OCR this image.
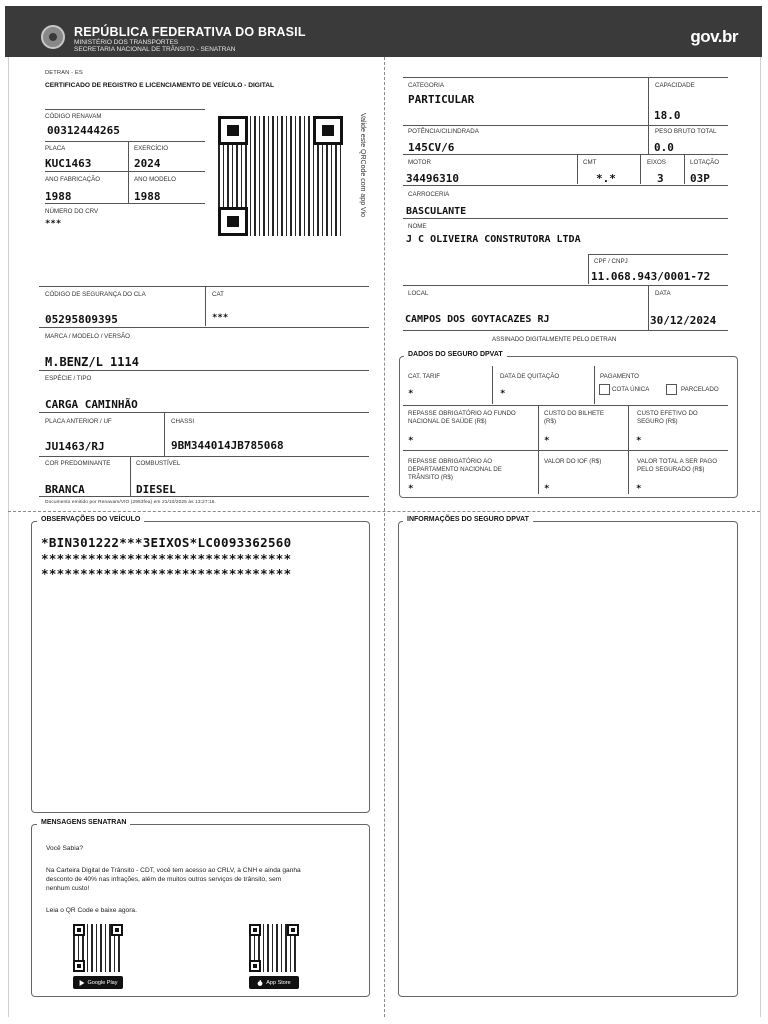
REPÚBLICA FEDERATIVA DO BRASIL
MINISTÉRIO DOS TRANSPORTES
SECRETARIA NACIONAL DE TRÂNSITO - SENATRAN
gov.br
DETRAN - ES
CERTIFICADO DE REGISTRO E LICENCIAMENTO DE VEÍCULO - DIGITAL
CÓDIGO RENAVAM
00312444265
PLACA
KUC1463
EXERCÍCIO
2024
ANO FABRICAÇÃO
1988
ANO MODELO
1988
NÚMERO DO CRV
***
Valide este QRCode com app Vio
CÓDIGO DE SEGURANÇA DO CLA
05295809395
CAT
***
MARCA / MODELO / VERSÃO
M.BENZ/L 1114
ESPÉCIE / TIPO
CARGA CAMINHÃO
PLACA ANTERIOR / UF
JU1463/RJ
CHASSI
9BM344014JB785068
COR PREDOMINANTE
BRANCA
COMBUSTÍVEL
DIESEL
Documento emitido por Renavam/VIO (2953fea) em 21/10/2025 às 13:27:16.
CATEGORIA
PARTICULAR
CAPACIDADE
18.0
POTÊNCIA/CILINDRADA
145CV/6
PESO BRUTO TOTAL
0.0
MOTOR
34496310
CMT
*.*
EIXOS
3
LOTAÇÃO
03P
CARROCERIA
BASCULANTE
NOME
J C OLIVEIRA CONSTRUTORA LTDA
CPF / CNPJ
11.068.943/0001-72
LOCAL
CAMPOS DOS GOYTACAZES RJ
DATA
30/12/2024
ASSINADO DIGITALMENTE PELO DETRAN
DADOS DO SEGURO DPVAT
CAT. TARIF
*
DATA DE QUITAÇÃO
*
PAGAMENTO
COTA ÚNICA	PARCELADO
REPASSE OBRIGATÓRIO AO FUNDO NACIONAL DE SAÚDE (R$)
*
CUSTO DO BILHETE (R$)
*
CUSTO EFETIVO DO SEGURO (R$)
*
REPASSE OBRIGATÓRIO AO DEPARTAMENTO NACIONAL DE TRÂNSITO (R$)
*
VALOR DO IOF (R$)
*
VALOR TOTAL A SER PAGO PELO SEGURADO (R$)
*
OBSERVAÇÕES DO VEÍCULO
*BIN301222***3EIXOS*LC0093362560
********************************
********************************
INFORMAÇÕES DO SEGURO DPVAT
MENSAGENS SENATRAN
Você Sabia?
Na Carteira Digital de Trânsito - CDT, você tem acesso ao CRLV, à CNH e ainda ganha desconto de 40% nas infrações, além de muitos outros serviços de trânsito, sem nenhum custo!
Leia o QR Code e baixe agora.
Google Play	App Store
